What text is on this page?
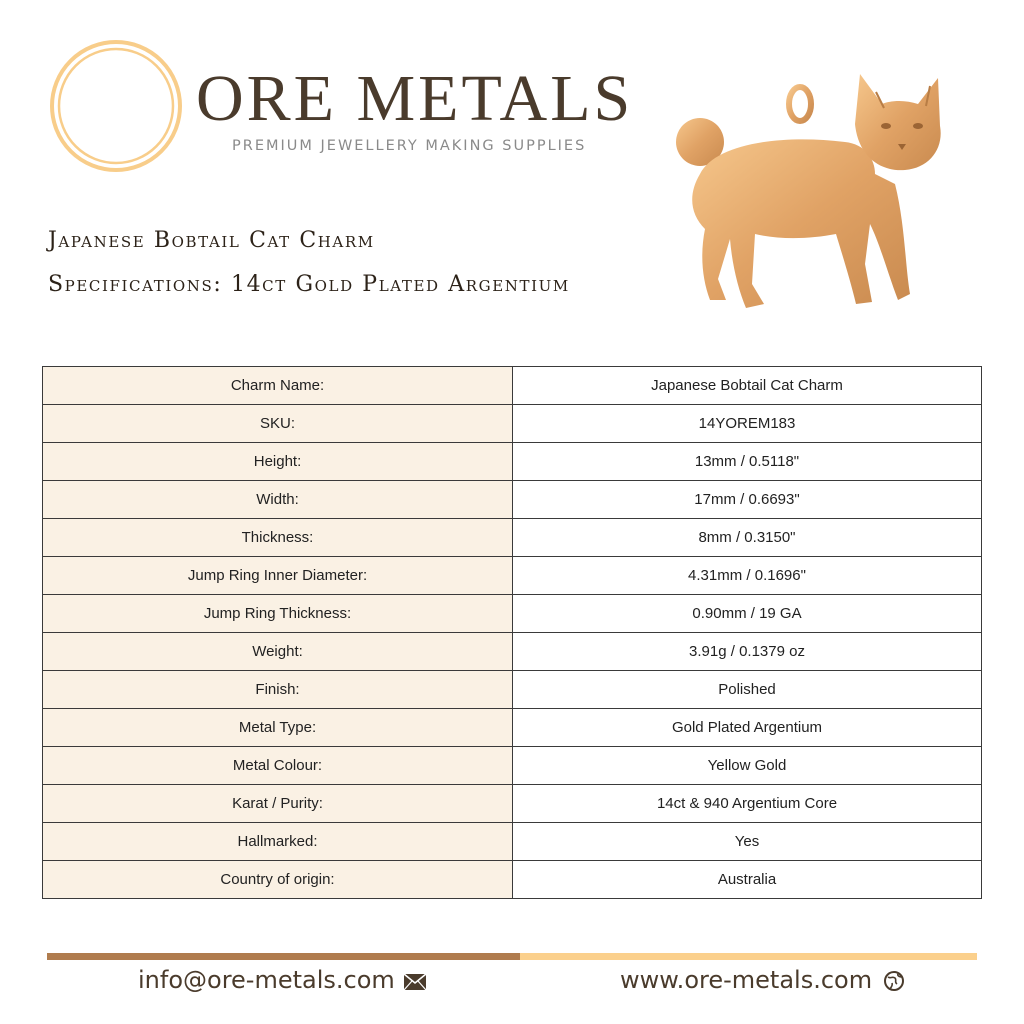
ORE METALS
PREMIUM JEWELLERY MAKING SUPPLIES
Japanese Bobtail Cat Charm
Specifications: 14ct Gold Plated Argentium
Charm Name:	Japanese Bobtail Cat Charm
SKU:	14YOREM183
Height:	13mm / 0.5118"
Width:	17mm / 0.6693"
Thickness:	8mm / 0.3150"
Jump Ring Inner Diameter:	4.31mm / 0.1696"
Jump Ring Thickness:	0.90mm / 19 GA
Weight:	3.91g / 0.1379 oz
Finish:	Polished
Metal Type:	Gold Plated Argentium
Metal Colour:	Yellow Gold
Karat / Purity:	14ct & 940 Argentium Core
Hallmarked:	Yes
Country of origin:	Australia
info@ore-metals.com	www.ore-metals.com
